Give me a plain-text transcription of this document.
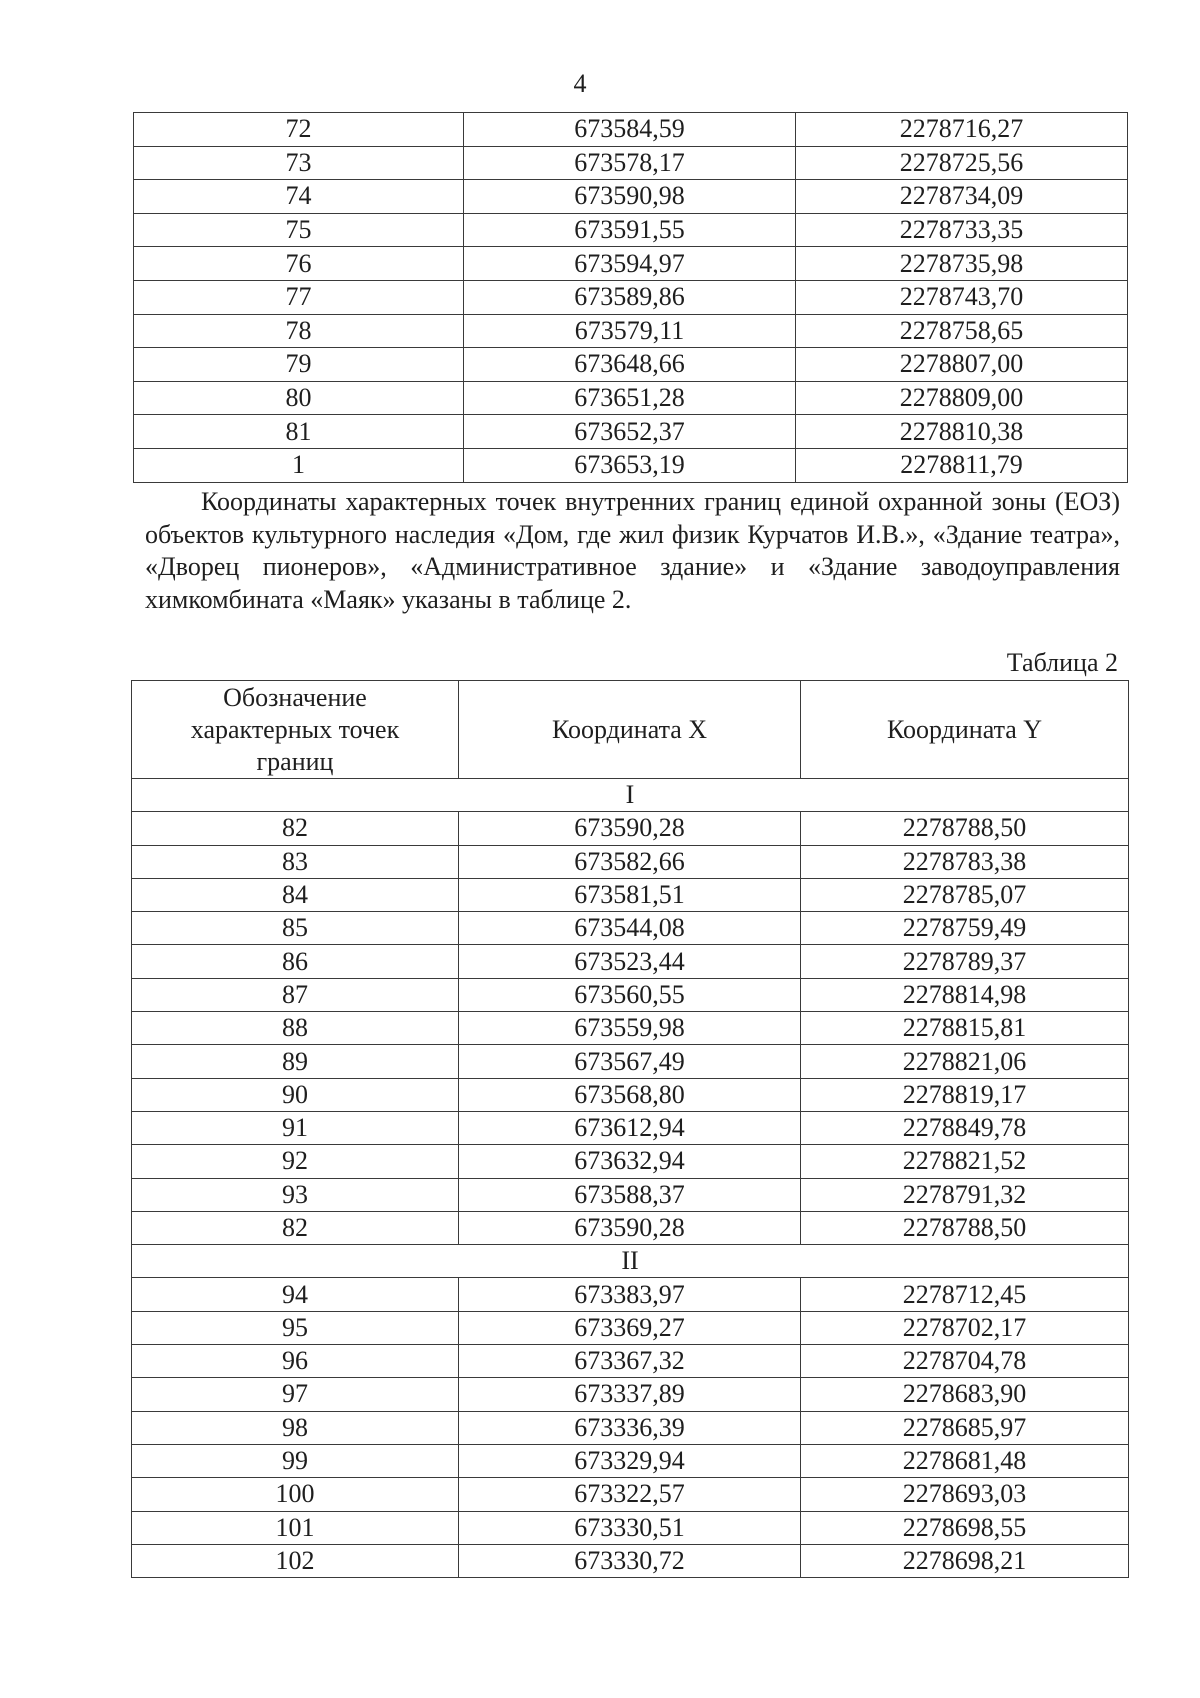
4
72	673584,59	2278716,27
73	673578,17	2278725,56
74	673590,98	2278734,09
75	673591,55	2278733,35
76	673594,97	2278735,98
77	673589,86	2278743,70
78	673579,11	2278758,65
79	673648,66	2278807,00
80	673651,28	2278809,00
81	673652,37	2278810,38
1	673653,19	2278811,79

Координаты характерных точек внутренних границ единой охранной зоны (ЕОЗ) объектов культурного наследия «Дом, где жил физик Курчатов И.В.», «Здание театра», «Дворец пионеров», «Административное здание» и «Здание заводоуправления химкомбината «Маяк» указаны в таблице 2.

Таблица 2
Обозначение характерных точек границ	Координата X	Координата Y
I		
82	673590,28	2278788,50
83	673582,66	2278783,38
84	673581,51	2278785,07
85	673544,08	2278759,49
86	673523,44	2278789,37
87	673560,55	2278814,98
88	673559,98	2278815,81
89	673567,49	2278821,06
90	673568,80	2278819,17
91	673612,94	2278849,78
92	673632,94	2278821,52
93	673588,37	2278791,32
82	673590,28	2278788,50
II		
94	673383,97	2278712,45
95	673369,27	2278702,17
96	673367,32	2278704,78
97	673337,89	2278683,90
98	673336,39	2278685,97
99	673329,94	2278681,48
100	673322,57	2278693,03
101	673330,51	2278698,55
102	673330,72	2278698,21
